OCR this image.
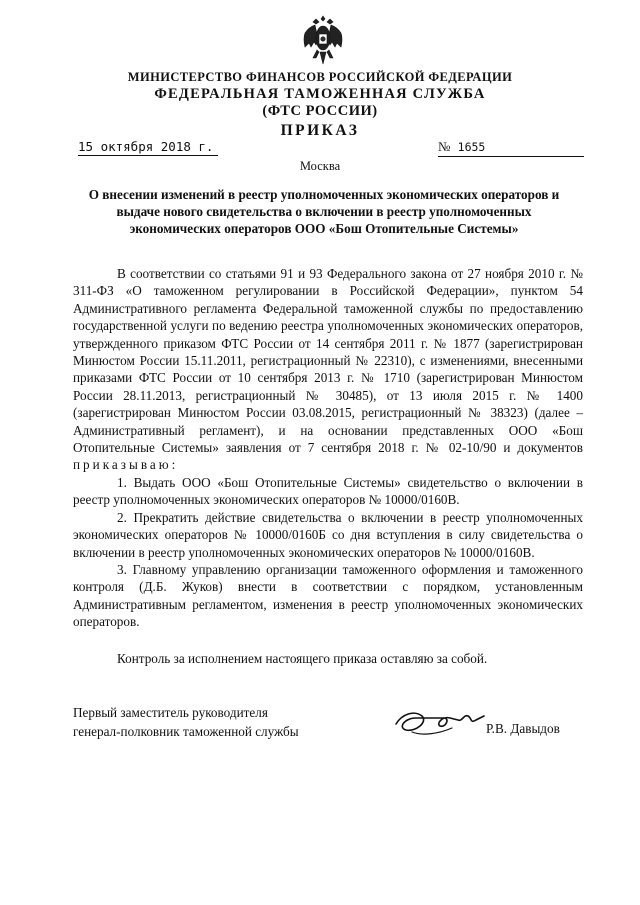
МИНИСТЕРСТВО ФИНАНСОВ РОССИЙСКОЙ ФЕДЕРАЦИИ
ФЕДЕРАЛЬНАЯ ТАМОЖЕННАЯ СЛУЖБА
(ФТС РОССИИ)
ПРИКАЗ
15 октября 2018 г.	№ 1655
Москва
О внесении изменений в реестр уполномоченных экономических операторов и выдаче нового свидетельства о включении в реестр уполномоченных экономических операторов ООО «Бош Отопительные Системы»

В соответствии со статьями 91 и 93 Федерального закона от 27 ноября 2010 г. № 311-ФЗ «О таможенном регулировании в Российской Федерации», пунктом 54 Административного регламента Федеральной таможенной службы по предоставлению государственной услуги по ведению реестра уполномоченных экономических операторов, утвержденного приказом ФТС России от 14 сентября 2011 г. № 1877 (зарегистрирован Минюстом России 15.11.2011, регистрационный № 22310), с изменениями, внесенными приказами ФТС России от 10 сентября 2013 г. № 1710 (зарегистрирован Минюстом России 28.11.2013, регистрационный № 30485), от 13 июля 2015 г. № 1400 (зарегистрирован Минюстом России 03.08.2015, регистрационный № 38323) (далее – Административный регламент), и на основании представленных ООО «Бош Отопительные Системы» заявления от 7 сентября 2018 г. № 02-10/90 и документов приказываю:

1. Выдать ООО «Бош Отопительные Системы» свидетельство о включении в реестр уполномоченных экономических операторов № 10000/0160В.

2. Прекратить действие свидетельства о включении в реестр уполномоченных экономических операторов № 10000/0160Б со дня вступления в силу свидетельства о включении в реестр уполномоченных экономических операторов № 10000/0160В.

3. Главному управлению организации таможенного оформления и таможенного контроля (Д.Б. Жуков) внести в соответствии с порядком, установленным Административным регламентом, изменения в реестр уполномоченных экономических операторов.

Контроль за исполнением настоящего приказа оставляю за собой.
Первый заместитель руководителя
генерал-полковник таможенной службы	Р.В. Давыдов
